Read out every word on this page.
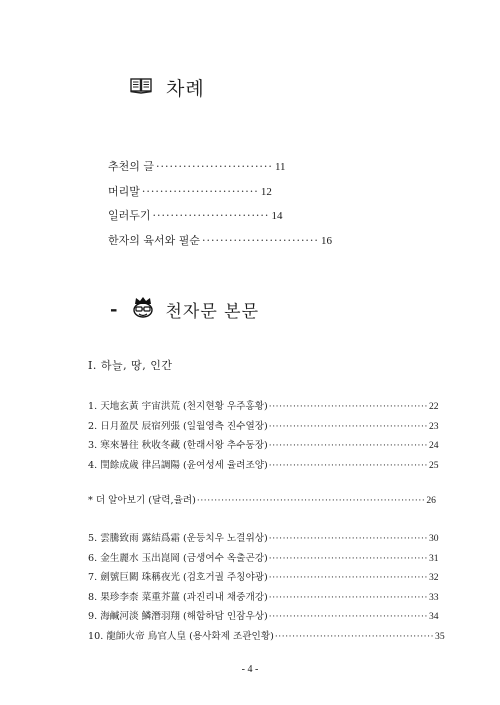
차례
추천의 글 ·························· 11
머리말 ·························· 12
일러두기 ·························· 14
한자의 육서와 필순 ·························· 16
-	천자문 본문
Ⅰ. 하늘, 땅, 인간
1. 天地玄黃 宇宙洪荒 (천지현황 우주홍황) ·············································· 22
2. 日月盈昃 辰宿列張 (일월영측 진수열장) ·············································· 23
3. 寒來暑往 秋收冬藏 (한래서왕 추수동장) ·············································· 24
4. 閏餘成歲 律呂調陽 (윤여성세 율려조양) ·············································· 25
* 더 알아보기 (달력,율려) ·································································· 26
5. 雲騰致雨 露結爲霜 (운등치우 노결위상) ·············································· 30
6. 金生麗水 玉出崑岡 (금생여수 옥출곤강) ·············································· 31
7. 劍號巨闕 珠稱夜光 (검호거궐 주칭야광) ·············································· 32
8. 果珍李柰 菜重芥薑 (과진리내 채중개강) ·············································· 33
9. 海鹹河淡 鱗潛羽翔 (해함하담 인잠우상) ·············································· 34
10. 龍師火帝 鳥官人皇 (용사화제 조관인황) ·············································· 35
- 4 -
